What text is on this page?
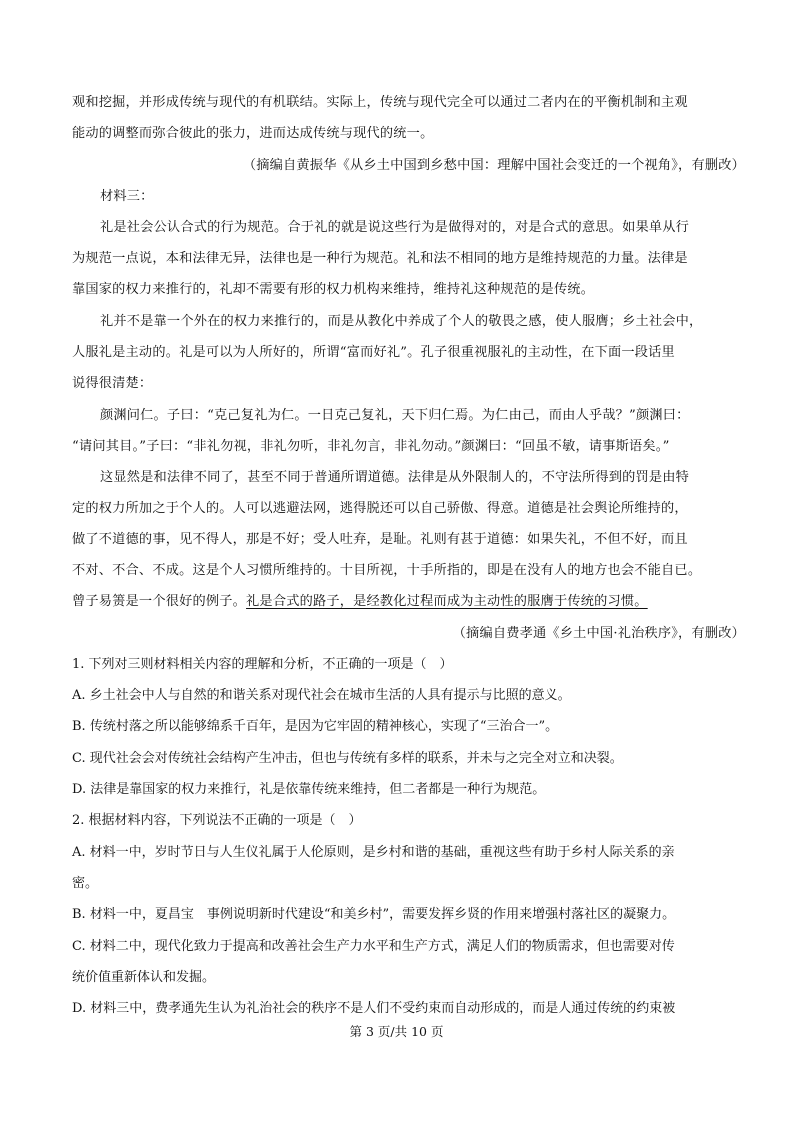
观和挖掘，并形成传统与现代的有机联结。实际上，传统与现代完全可以通过二者内在的平衡机制和主观
能动的调整而弥合彼此的张力，进而达成传统与现代的统一。
（摘编自黄振华《从乡土中国到乡愁中国：理解中国社会变迁的一个视角》，有删改）
材料三：
礼是社会公认合式的行为规范。合于礼的就是说这些行为是做得对的，对是合式的意思。如果单从行
为规范一点说，本和法律无异，法律也是一种行为规范。礼和法不相同的地方是维持规范的力量。法律是
靠国家的权力来推行的，礼却不需要有形的权力机构来维持，维持礼这种规范的是传统。
礼并不是靠一个外在的权力来推行的，而是从教化中养成了个人的敬畏之感，使人服膺；乡土社会中，
人服礼是主动的。礼是可以为人所好的，所谓“富而好礼”。孔子很重视服礼的主动性，在下面一段话里
说得很清楚：
颜渊问仁。子曰：“克己复礼为仁。一日克己复礼，天下归仁焉。为仁由己，而由人乎哉？”颜渊曰：
“请问其目。”子曰：“非礼勿视，非礼勿听，非礼勿言，非礼勿动。”颜渊曰：“回虽不敏，请事斯语矣。”
这显然是和法律不同了，甚至不同于普通所谓道德。法律是从外限制人的，不守法所得到的罚是由特
定的权力所加之于个人的。人可以逃避法网，逃得脱还可以自己骄傲、得意。道德是社会舆论所维持的，
做了不道德的事，见不得人，那是不好；受人吐弃，是耻。礼则有甚于道德：如果失礼，不但不好，而且
不对、不合、不成。这是个人习惯所维持的。十目所视，十手所指的，即是在没有人的地方也会不能自已。
曾子易箦是一个很好的例子。礼是合式的路子，是经教化过程而成为主动性的服膺于传统的习惯。
（摘编自费孝通《乡土中国·礼治秩序》，有删改）
1. 下列对三则材料相关内容的理解和分析，不正确的一项是（　）
A. 乡土社会中人与自然的和谐关系对现代社会在城市生活的人具有提示与比照的意义。
B. 传统村落之所以能够绵系千百年，是因为它牢固的精神核心，实现了“三治合一”。
C. 现代社会会对传统社会结构产生冲击，但也与传统有多样的联系，并未与之完全对立和决裂。
D. 法律是靠国家的权力来推行，礼是依靠传统来维持，但二者都是一种行为规范。
2. 根据材料内容，下列说法不正确的一项是（　）
A. 材料一中，岁时节日与人生仪礼属于人伦原则，是乡村和谐的基础，重视这些有助于乡村人际关系的亲
密。
B. 材料一中，夏昌宝　事例说明新时代建设“和美乡村”，需要发挥乡贤的作用来增强村落社区的凝聚力。
C. 材料二中，现代化致力于提高和改善社会生产力水平和生产方式，满足人们的物质需求，但也需要对传
统价值重新体认和发掘。
D. 材料三中，费孝通先生认为礼治社会的秩序不是人们不受约束而自动形成的，而是人通过传统的约束被
第 3 页/共 10 页
